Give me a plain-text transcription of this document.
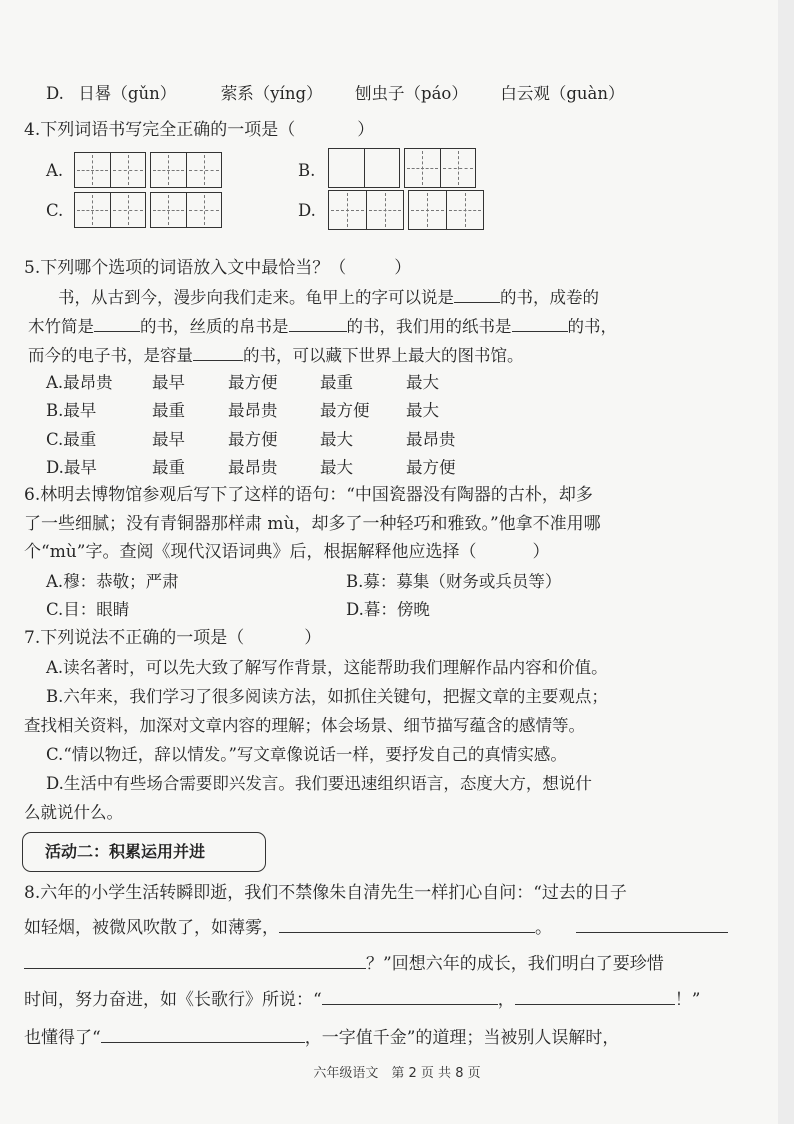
D. 日晷（gǔn）	萦系（yíng） 刨虫子（páo） 白云观（guàn）
4.下列词语书写完全正确的一项是（	）
A.	B.
C.	D.
5.下列哪个选项的词语放入文中最恰当？（	）
书，从古到今，漫步向我们走来。龟甲上的字可以说是	的书，成卷的
木竹简是	的书，丝质的帛书是	的书，我们用的纸书是	的书，
而今的电子书，是容量	的书，可以藏下世界上最大的图书馆。
A.最昂贵 最早	最方便	最重	最大
B.最早	最重	最昂贵	最方便 最大
C.最重	最早	最方便	最大	最昂贵
D.最早	最重	最昂贵	最大	最方便
6.林明去博物馆参观后写下了这样的语句：“中国瓷器没有陶器的古朴，却多
了一些细腻；没有青铜器那样肃 mù，却多了一种轻巧和雅致。”他拿不准用哪
个“mù”字。查阅《现代汉语词典》后，根据解释他应选择（	）
A.穆：恭敬；严肃	B.募：募集（财务或兵员等）
C.目：眼睛	D.暮：傍晚
7.下列说法不正确的一项是（	）
A.读名著时，可以先大致了解写作背景，这能帮助我们理解作品内容和价值。
B.六年来，我们学习了很多阅读方法，如抓住关键句，把握文章的主要观点；
查找相关资料，加深对文章内容的理解；体会场景、细节描写蕴含的感情等。
C.“情以物迁，辞以情发。”写文章像说话一样，要抒发自己的真情实感。
D.生活中有些场合需要即兴发言。我们要迅速组织语言，态度大方，想说什
么就说什么。
活动二：积累运用并进
8.六年的小学生活转瞬即逝，我们不禁像朱自清先生一样扪心自问：“过去的日子
如轻烟，被微风吹散了，如薄雾，	。
？”回想六年的成长，我们明白了要珍惜
时间，努力奋进，如《长歌行》所说：“	，	！”
也懂得了“	，一字值千金”的道理；当被别人误解时，
六年级语文　第 2 页 共 8 页
